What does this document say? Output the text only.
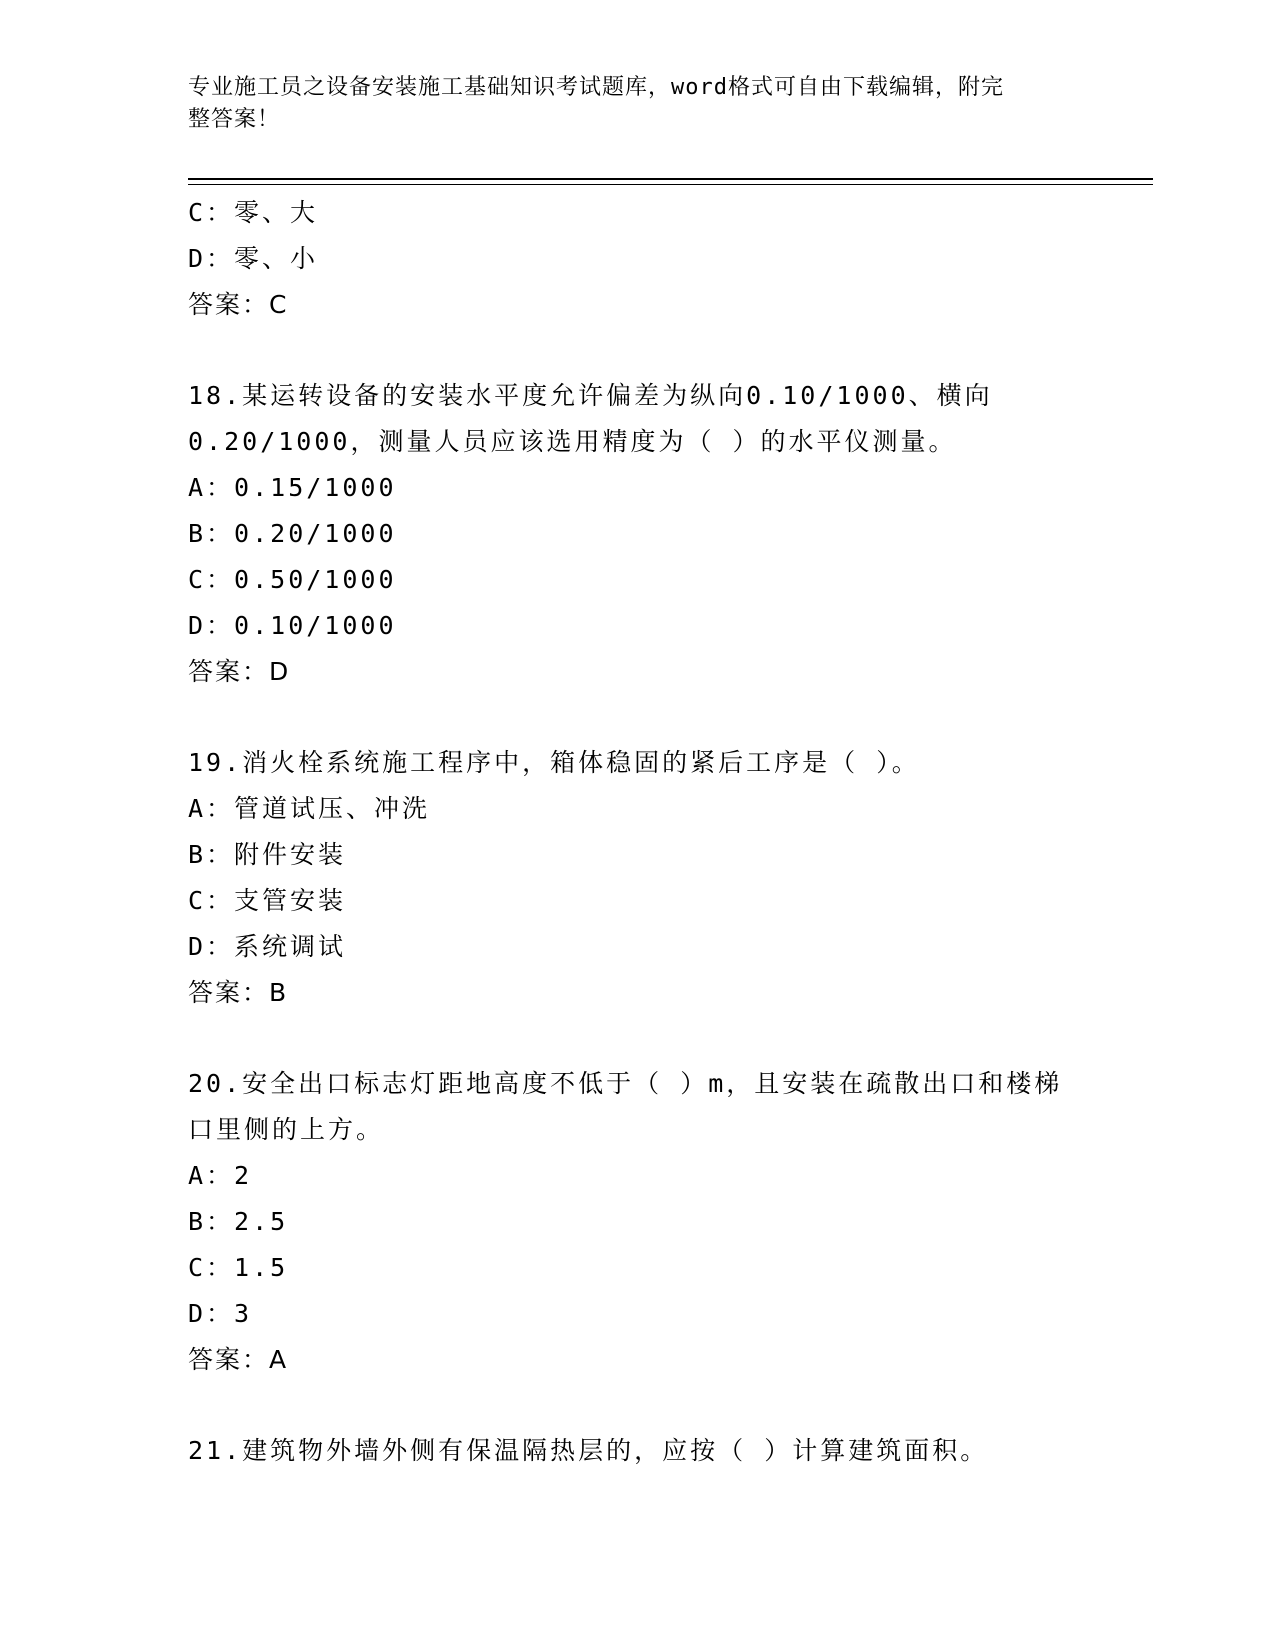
专业施工员之设备安装施工基础知识考试题库，word格式可自由下载编辑，附完
整答案！
C：零、大
D：零、小
答案：C
18.某运转设备的安装水平度允许偏差为纵向0.10/1000、横向
0.20/1000，测量人员应该选用精度为（ ）的水平仪测量。
A：0.15/1000
B：0.20/1000
C：0.50/1000
D：0.10/1000
答案：D
19.消火栓系统施工程序中，箱体稳固的紧后工序是（ ）。
A：管道试压、冲洗
B：附件安装
C：支管安装
D：系统调试
答案：B
20.安全出口标志灯距地高度不低于（ ）m，且安装在疏散出口和楼梯
口里侧的上方。
A：2
B：2.5
C：1.5
D：3
答案：A
21.建筑物外墙外侧有保温隔热层的，应按（ ）计算建筑面积。
